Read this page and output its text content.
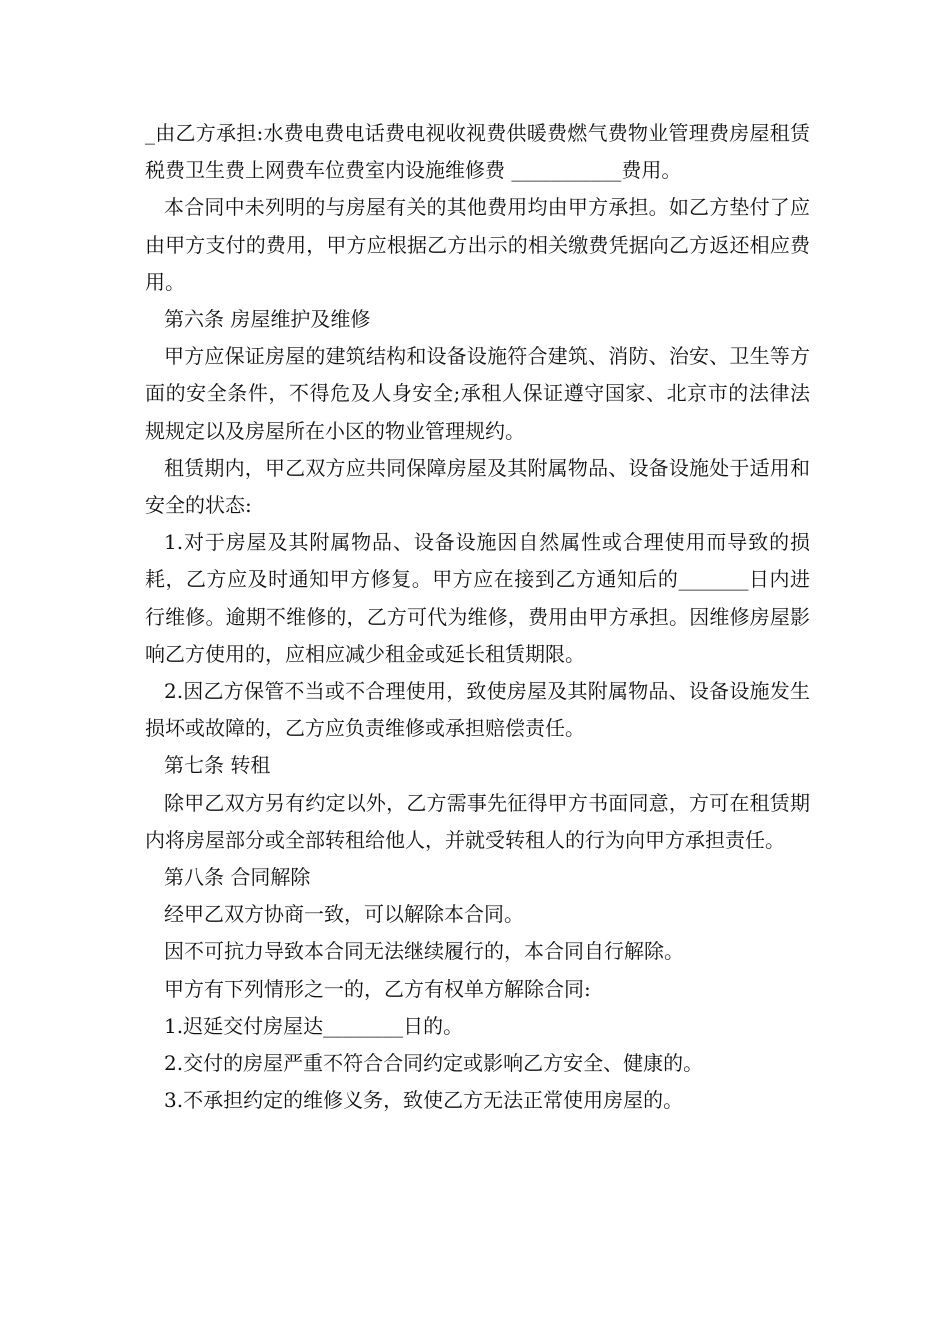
_由乙方承担:水费电费电话费电视收视费供暖费燃气费物业管理费房屋租赁税费卫生费上网费车位费室内设施维修费 ___________费用。

本合同中未列明的与房屋有关的其他费用均由甲方承担。如乙方垫付了应由甲方支付的费用，甲方应根据乙方出示的相关缴费凭据向乙方返还相应费用。

第六条 房屋维护及维修

甲方应保证房屋的建筑结构和设备设施符合建筑、消防、治安、卫生等方面的安全条件，不得危及人身安全;承租人保证遵守国家、北京市的法律法规规定以及房屋所在小区的物业管理规约。

租赁期内，甲乙双方应共同保障房屋及其附属物品、设备设施处于适用和安全的状态:

1.对于房屋及其附属物品、设备设施因自然属性或合理使用而导致的损耗，乙方应及时通知甲方修复。甲方应在接到乙方通知后的_______日内进行维修。逾期不维修的，乙方可代为维修，费用由甲方承担。因维修房屋影响乙方使用的，应相应减少租金或延长租赁期限。

2.因乙方保管不当或不合理使用，致使房屋及其附属物品、设备设施发生损坏或故障的，乙方应负责维修或承担赔偿责任。

第七条 转租

除甲乙双方另有约定以外，乙方需事先征得甲方书面同意，方可在租赁期内将房屋部分或全部转租给他人，并就受转租人的行为向甲方承担责任。

第八条 合同解除

经甲乙双方协商一致，可以解除本合同。

因不可抗力导致本合同无法继续履行的，本合同自行解除。

甲方有下列情形之一的，乙方有权单方解除合同:

1.迟延交付房屋达________日的。

2.交付的房屋严重不符合合同约定或影响乙方安全、健康的。

3.不承担约定的维修义务，致使乙方无法正常使用房屋的。
